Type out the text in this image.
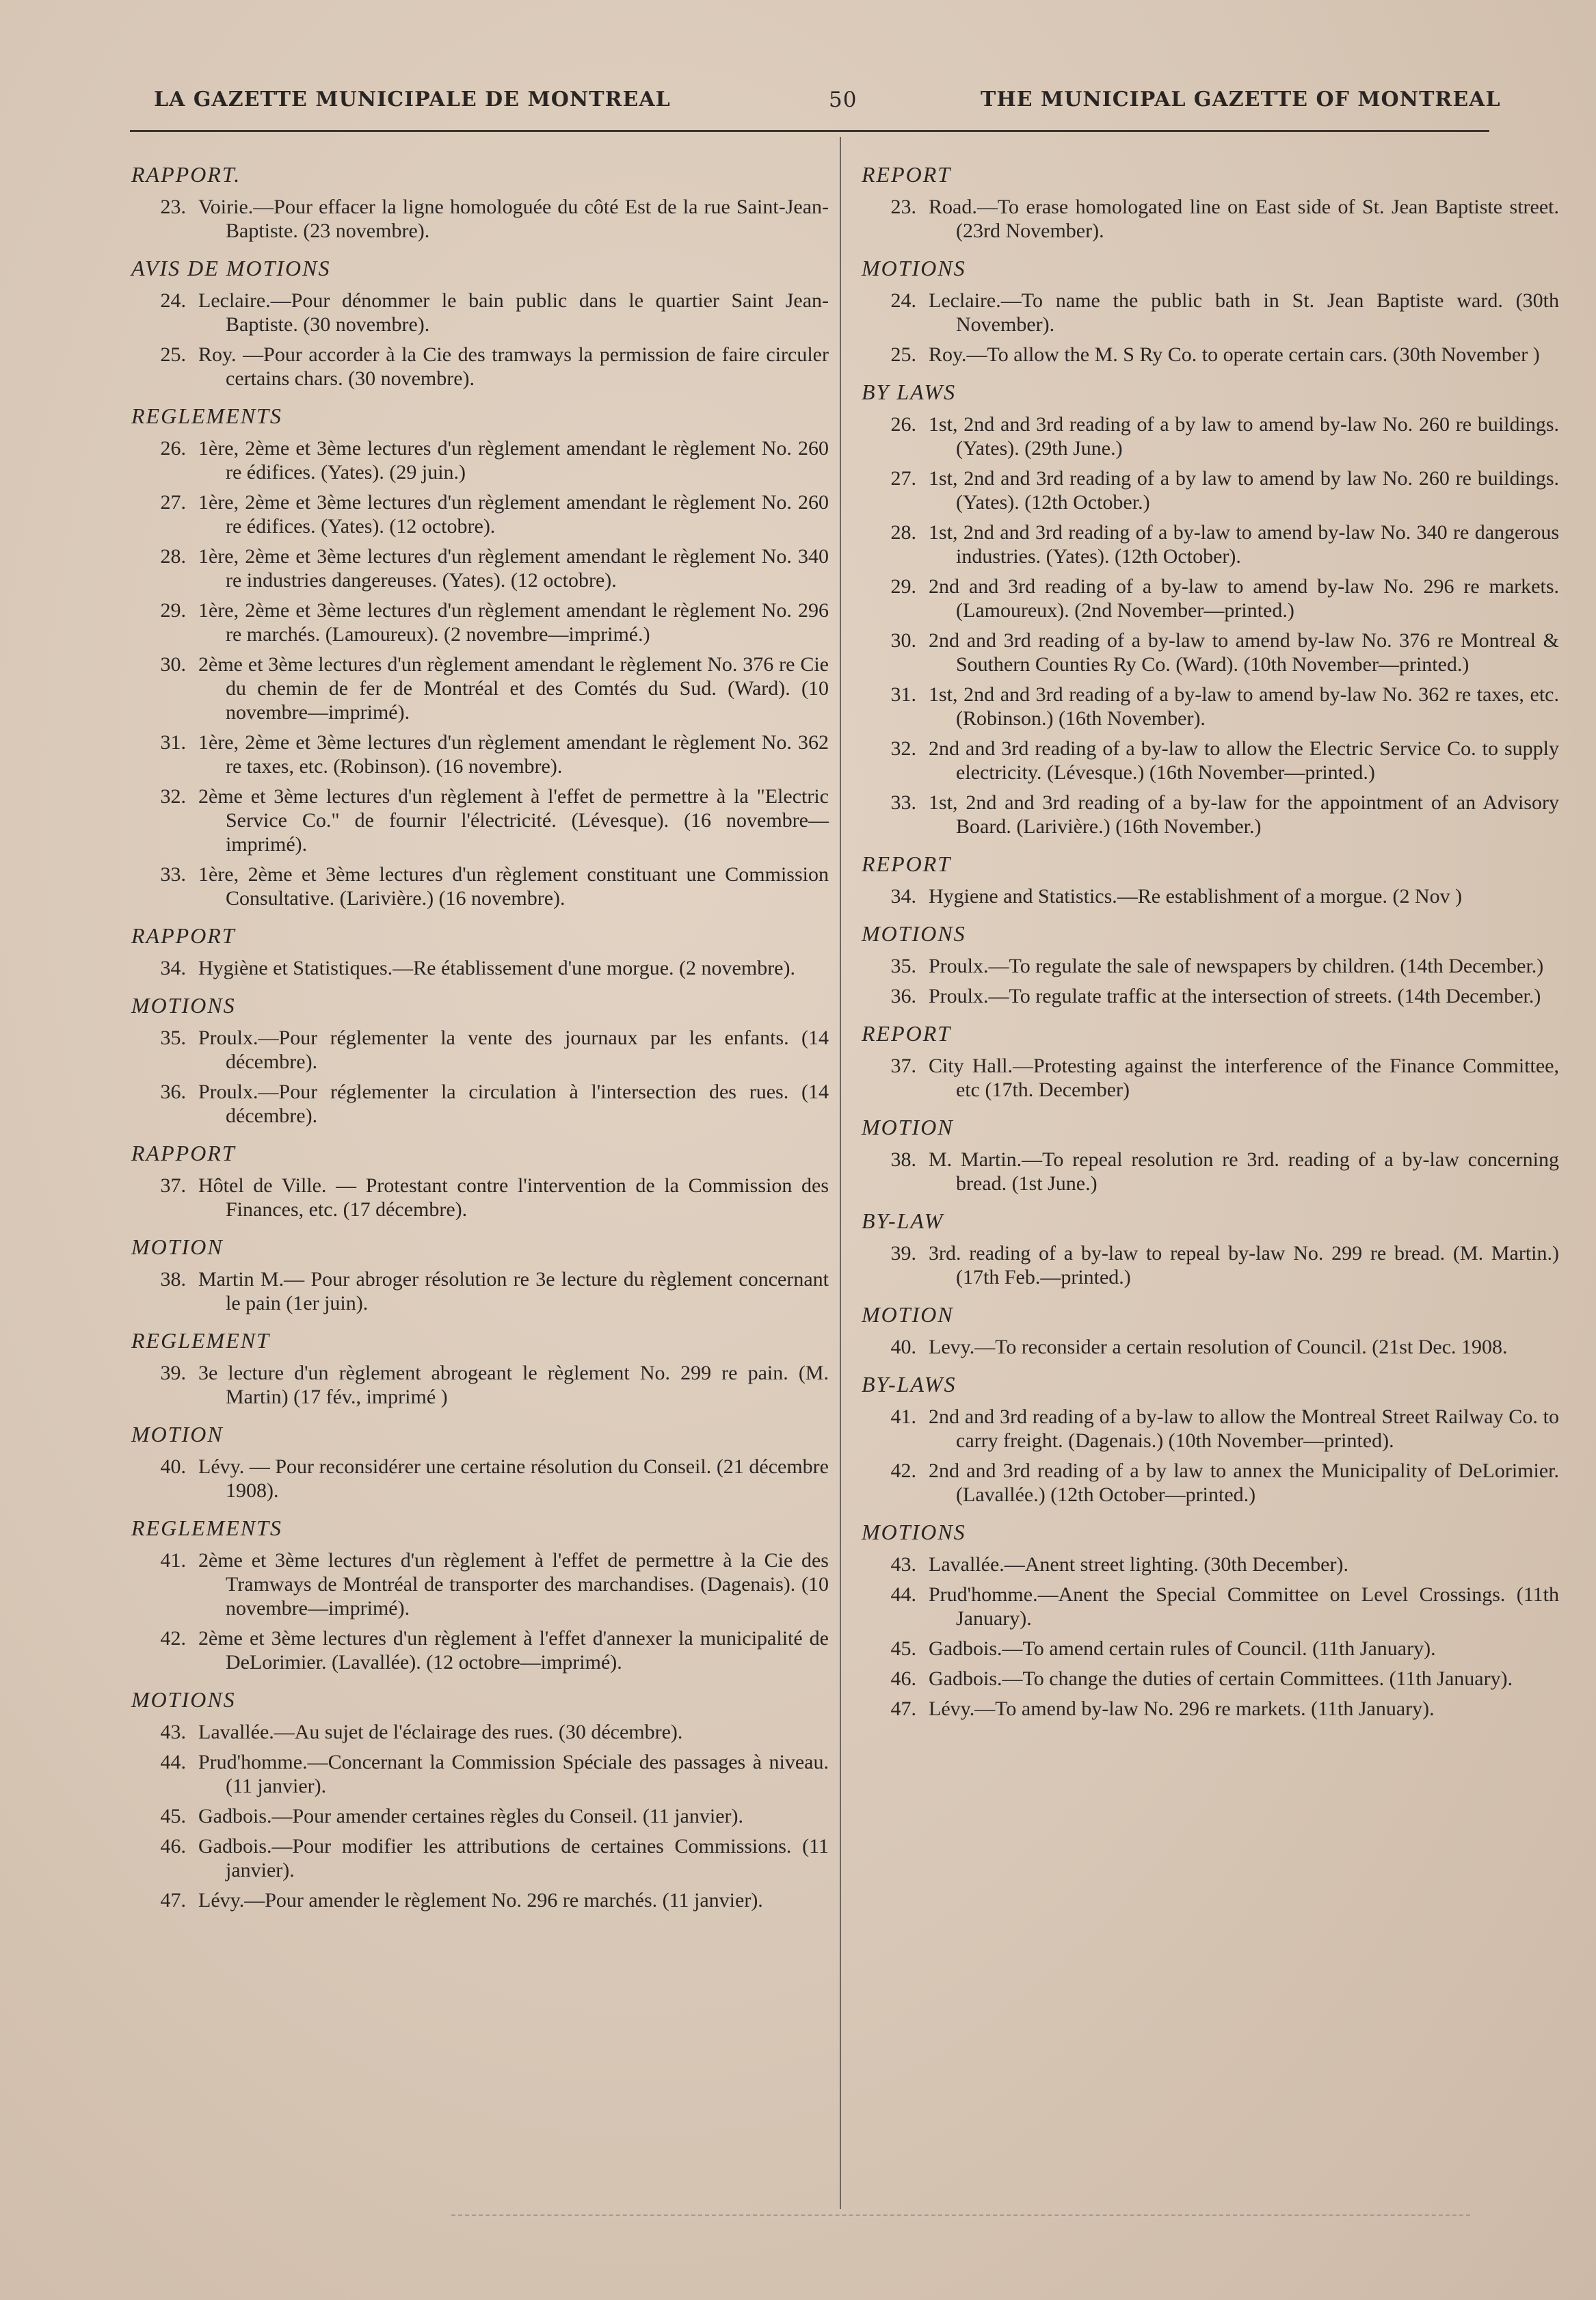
LA GAZETTE MUNICIPALE DE MONTREAL	50	THE MUNICIPAL GAZETTE OF MONTREAL
RAPPORT.
23. Voirie.—Pour effacer la ligne homologuée du côté Est de la rue Saint-Jean-Baptiste. (23 novembre).
AVIS DE MOTIONS
24. Leclaire.—Pour dénommer le bain public dans le quartier Saint Jean-Baptiste. (30 novembre).
25. Roy. —Pour accorder à la Cie des tramways la permission de faire circuler certains chars. (30 novembre).
REGLEMENTS
26. 1ère, 2ème et 3ème lectures d'un règlement amendant le règlement No. 260 re édifices. (Yates). (29 juin.)
27. 1ère, 2ème et 3ème lectures d'un règlement amendant le règlement No. 260 re édifices. (Yates). (12 octobre).
28. 1ère, 2ème et 3ème lectures d'un règlement amendant le règlement No. 340 re industries dangereuses. (Yates). (12 octobre).
29. 1ère, 2ème et 3ème lectures d'un règlement amendant le règlement No. 296 re marchés. (Lamoureux). (2 novembre—imprimé.)
30. 2ème et 3ème lectures d'un règlement amendant le règlement No. 376 re Cie du chemin de fer de Montréal et des Comtés du Sud. (Ward). (10 novembre—imprimé).
31. 1ère, 2ème et 3ème lectures d'un règlement amendant le règlement No. 362 re taxes, etc. (Robinson). (16 novembre).
32. 2ème et 3ème lectures d'un règlement à l'effet de permettre à la "Electric Service Co." de fournir l'électricité. (Lévesque). (16 novembre—imprimé).
33. 1ère, 2ème et 3ème lectures d'un règlement constituant une Commission Consultative. (Larivière.) (16 novembre).
RAPPORT
34. Hygiène et Statistiques.—Re établissement d'une morgue. (2 novembre).
MOTIONS
35. Proulx.—Pour réglementer la vente des journaux par les enfants. (14 décembre).
36. Proulx.—Pour réglementer la circulation à l'intersection des rues. (14 décembre).
RAPPORT
37. Hôtel de Ville. — Protestant contre l'intervention de la Commission des Finances, etc. (17 décembre).
MOTION
38. Martin M.— Pour abroger résolution re 3e lecture du règlement concernant le pain (1er juin).
REGLEMENT
39. 3e lecture d'un règlement abrogeant le règlement No. 299 re pain. (M. Martin) (17 fév., imprimé )
MOTION
40. Lévy. — Pour reconsidérer une certaine résolution du Conseil. (21 décembre 1908).
REGLEMENTS
41. 2ème et 3ème lectures d'un règlement à l'effet de permettre à la Cie des Tramways de Montréal de transporter des marchandises. (Dagenais). (10 novembre—imprimé).
42. 2ème et 3ème lectures d'un règlement à l'effet d'annexer la municipalité de DeLorimier. (Lavallée). (12 octobre—imprimé).
MOTIONS
43. Lavallée.—Au sujet de l'éclairage des rues. (30 décembre).
44. Prud'homme.—Concernant la Commission Spéciale des passages à niveau. (11 janvier).
45. Gadbois.—Pour amender certaines règles du Conseil. (11 janvier).
46. Gadbois.—Pour modifier les attributions de certaines Commissions. (11 janvier).
47. Lévy.—Pour amender le règlement No. 296 re marchés. (11 janvier).
REPORT
23. Road.—To erase homologated line on East side of St. Jean Baptiste street. (23rd November).
MOTIONS
24. Leclaire.—To name the public bath in St. Jean Baptiste ward. (30th November).
25. Roy.—To allow the M. S Ry Co. to operate certain cars. (30th November )
BY LAWS
26. 1st, 2nd and 3rd reading of a by law to amend by-law No. 260 re buildings. (Yates). (29th June.)
27. 1st, 2nd and 3rd reading of a by law to amend by law No. 260 re buildings. (Yates). (12th October.)
28. 1st, 2nd and 3rd reading of a by-law to amend by-law No. 340 re dangerous industries. (Yates). (12th October).
29. 2nd and 3rd reading of a by-law to amend by-law No. 296 re markets. (Lamoureux). (2nd November—printed.)
30. 2nd and 3rd reading of a by-law to amend by-law No. 376 re Montreal & Southern Counties Ry Co. (Ward). (10th November—printed.)
31. 1st, 2nd and 3rd reading of a by-law to amend by-law No. 362 re taxes, etc. (Robinson.) (16th November).
32. 2nd and 3rd reading of a by-law to allow the Electric Service Co. to supply electricity. (Lévesque.) (16th November—printed.)
33. 1st, 2nd and 3rd reading of a by-law for the appointment of an Advisory Board. (Larivière.) (16th November.)
REPORT
34. Hygiene and Statistics.—Re establishment of a morgue. (2 Nov )
MOTIONS
35. Proulx.—To regulate the sale of newspapers by children. (14th December.)
36. Proulx.—To regulate traffic at the intersection of streets. (14th December.)
REPORT
37. City Hall.—Protesting against the interference of the Finance Committee, etc (17th. December)
MOTION
38. M. Martin.—To repeal resolution re 3rd. reading of a by-law concerning bread. (1st June.)
BY-LAW
39. 3rd. reading of a by-law to repeal by-law No. 299 re bread. (M. Martin.) (17th Feb.—printed.)
MOTION
40. Levy.—To reconsider a certain resolution of Council. (21st Dec. 1908.
BY-LAWS
41. 2nd and 3rd reading of a by-law to allow the Montreal Street Railway Co. to carry freight. (Dagenais.) (10th November—printed).
42. 2nd and 3rd reading of a by law to annex the Municipality of DeLorimier. (Lavallée.) (12th October—printed.)
MOTIONS
43. Lavallée.—Anent street lighting. (30th December).
44. Prud'homme.—Anent the Special Committee on Level Crossings. (11th January).
45. Gadbois.—To amend certain rules of Council. (11th January).
46. Gadbois.—To change the duties of certain Committees. (11th January).
47. Lévy.—To amend by-law No. 296 re markets. (11th January).
